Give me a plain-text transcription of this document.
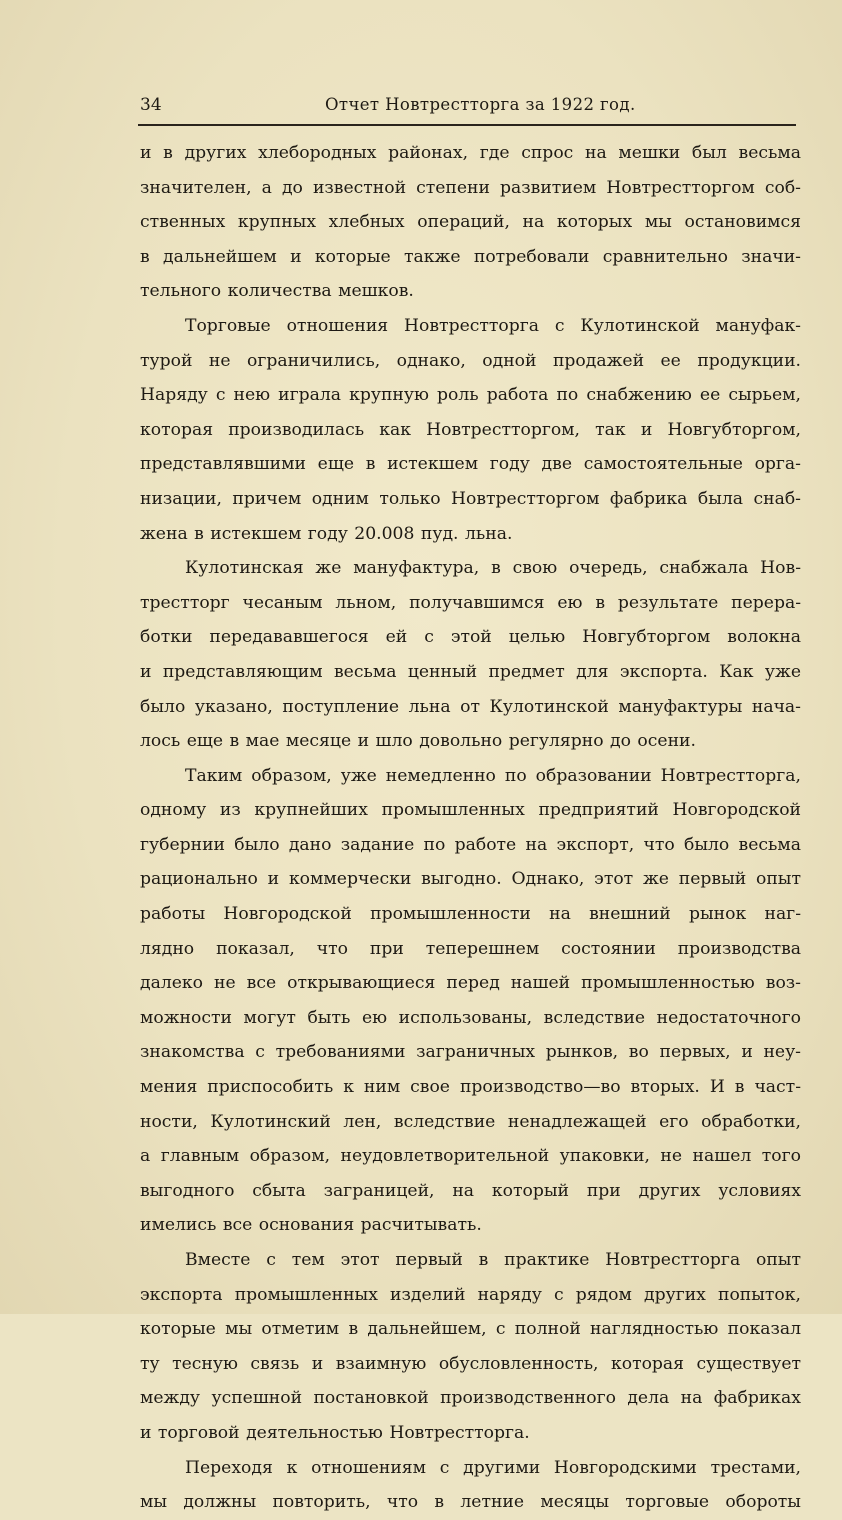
34	Отчет Новтрестторга за 1922 год.
и в других хлебородных районах, где спрос на мешки был весьма
значителен, а до известной степени развитием Новтрестторгом соб-
ственных крупных хлебных операций, на которых мы остановимся
в дальнейшем и которые также потребовали сравнительно значи-
тельного количества мешков.
Торговые отношения Новтрестторга с Кулотинской мануфак-
турой не ограничились, однако, одной продажей ее продукции.
Наряду с нею играла крупную роль работа по снабжению ее сырьем,
которая производилась как Новтрестторгом, так и Новгубторгом,
представлявшими еще в истекшем году две самостоятельные орга-
низации, причем одним только Новтрестторгом фабрика была снаб-
жена в истекшем году 20.008 пуд. льна.
Кулотинская же мануфактура, в свою очередь, снабжала Нов-
трестторг чесаным льном, получавшимся ею в результате перера-
ботки передававшегося ей с этой целью Новгубторгом волокна
и представляющим весьма ценный предмет для экспорта. Как уже
было указано, поступление льна от Кулотинской мануфактуры нача-
лось еще в мае месяце и шло довольно регулярно до осени.
Таким образом, уже немедленно по образовании Новтрестторга,
одному из крупнейших промышленных предприятий Новгородской
губернии было дано задание по работе на экспорт, что было весьма
рационально и коммерчески выгодно. Однако, этот же первый опыт
работы Новгородской промышленности на внешний рынок наг-
лядно показал, что при теперешнем состоянии производства
далеко не все открывающиеся перед нашей промышленностью воз-
можности могут быть ею использованы, вследствие недостаточного
знакомства с требованиями заграничных рынков, во первых, и неу-
мения приспособить к ним свое производство—во вторых. И в част-
ности, Кулотинский лен, вследствие ненадлежащей его обработки,
а главным образом, неудовлетворительной упаковки, не нашел того
выгодного сбыта заграницей, на который при других условиях
имелись все основания расчитывать.
Вместе с тем этот первый в практике Новтрестторга опыт
экспорта промышленных изделий наряду с рядом других попыток,
которые мы отметим в дальнейшем, с полной наглядностью показал
ту тесную связь и взаимную обусловленность, которая существует
между успешной постановкой производственного дела на фабриках
и торговой деятельностью Новтрестторга.
Переходя к отношениям с другими Новгородскими трестами,
мы должны повторить, что в летние месяцы торговые обороты
